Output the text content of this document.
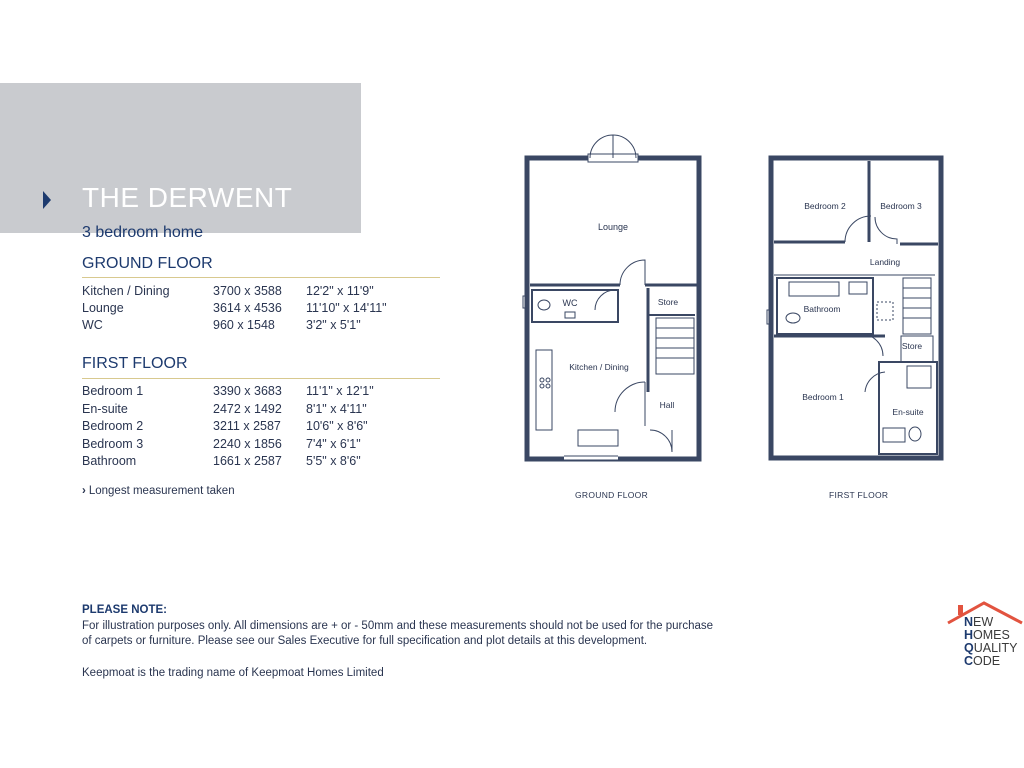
THE DERWENT
3 bedroom home
GROUND FLOOR
Kitchen / Dining	3700 x 3588 12'2" x 11'9"
Lounge	3614 x 4536 11'10" x 14'11"
WC	960 x 1548 3'2" x 5'1"
FIRST FLOOR
Bedroom 1	3390 x 3683 11'1" x 12'1"
En-suite	2472 x 1492 8'1" x 4'11"
Bedroom 2	3211 x 2587 10'6" x 8'6"
Bedroom 3	2240 x 1856 7'4" x 6'1"
Bathroom	1661 x 2587 5'5" x 8'6"
› Longest measurement taken
Lounge
WC	Store
Kitchen / Dining
Hall
GROUND FLOOR
Bedroom 2	Bedroom 3
Landing
Bathroom
Store
Bedroom 1
En-suite
FIRST FLOOR
PLEASE NOTE:
For illustration purposes only. All dimensions are + or - 50mm and these measurements should not be used for the purchase
of carpets or furniture. Please see our Sales Executive for full specification and plot details at this development.
Keepmoat is the trading name of Keepmoat Homes Limited
NEW
HOMES
QUALITY
CODE
